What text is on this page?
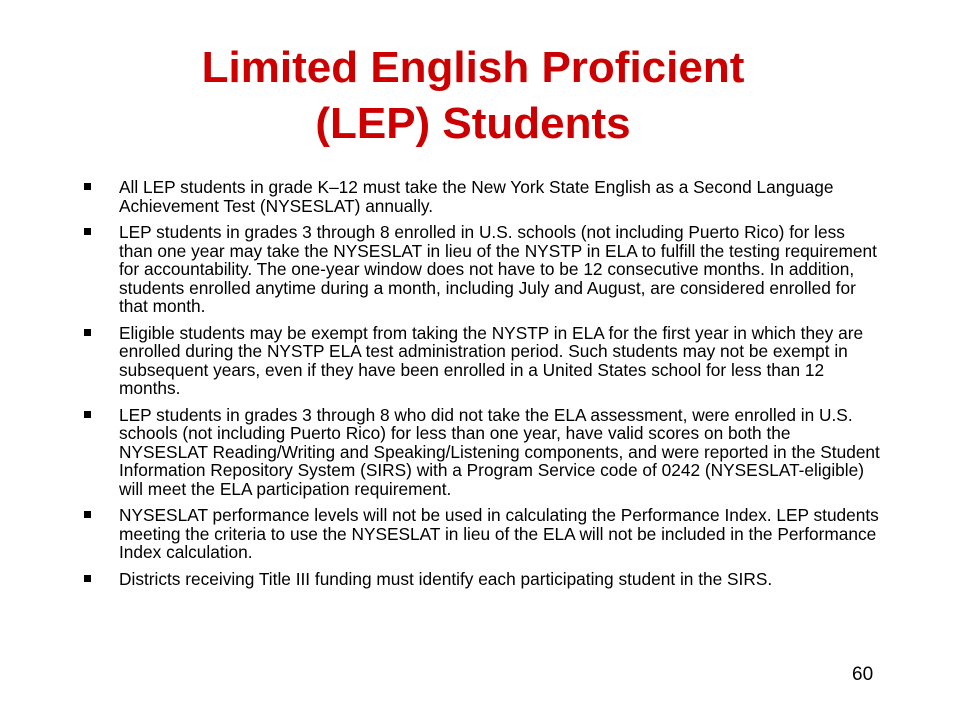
Limited English Proficient
(LEP) Students
All LEP students in grade K–12 must take the New York State English as a Second Language Achievement Test (NYSESLAT) annually.
LEP students in grades 3 through 8 enrolled in U.S. schools (not including Puerto Rico) for less than one year may take the NYSESLAT in lieu of the NYSTP in ELA to fulfill the testing requirement for accountability. The one-year window does not have to be 12 consecutive months. In addition, students enrolled anytime during a month, including July and August, are considered enrolled for that month.
Eligible students may be exempt from taking the NYSTP in ELA for the first year in which they are enrolled during the NYSTP ELA test administration period. Such students may not be exempt in subsequent years, even if they have been enrolled in a United States school for less than 12 months.
LEP students in grades 3 through 8 who did not take the ELA assessment, were enrolled in U.S. schools (not including Puerto Rico) for less than one year, have valid scores on both the NYSESLAT Reading/Writing and Speaking/Listening components, and were reported in the Student Information Repository System (SIRS) with a Program Service code of 0242 (NYSESLAT-eligible) will meet the ELA participation requirement.
NYSESLAT performance levels will not be used in calculating the Performance Index. LEP students meeting the criteria to use the NYSESLAT in lieu of the ELA will not be included in the Performance Index calculation.
Districts receiving Title III funding must identify each participating student in the SIRS.
60
